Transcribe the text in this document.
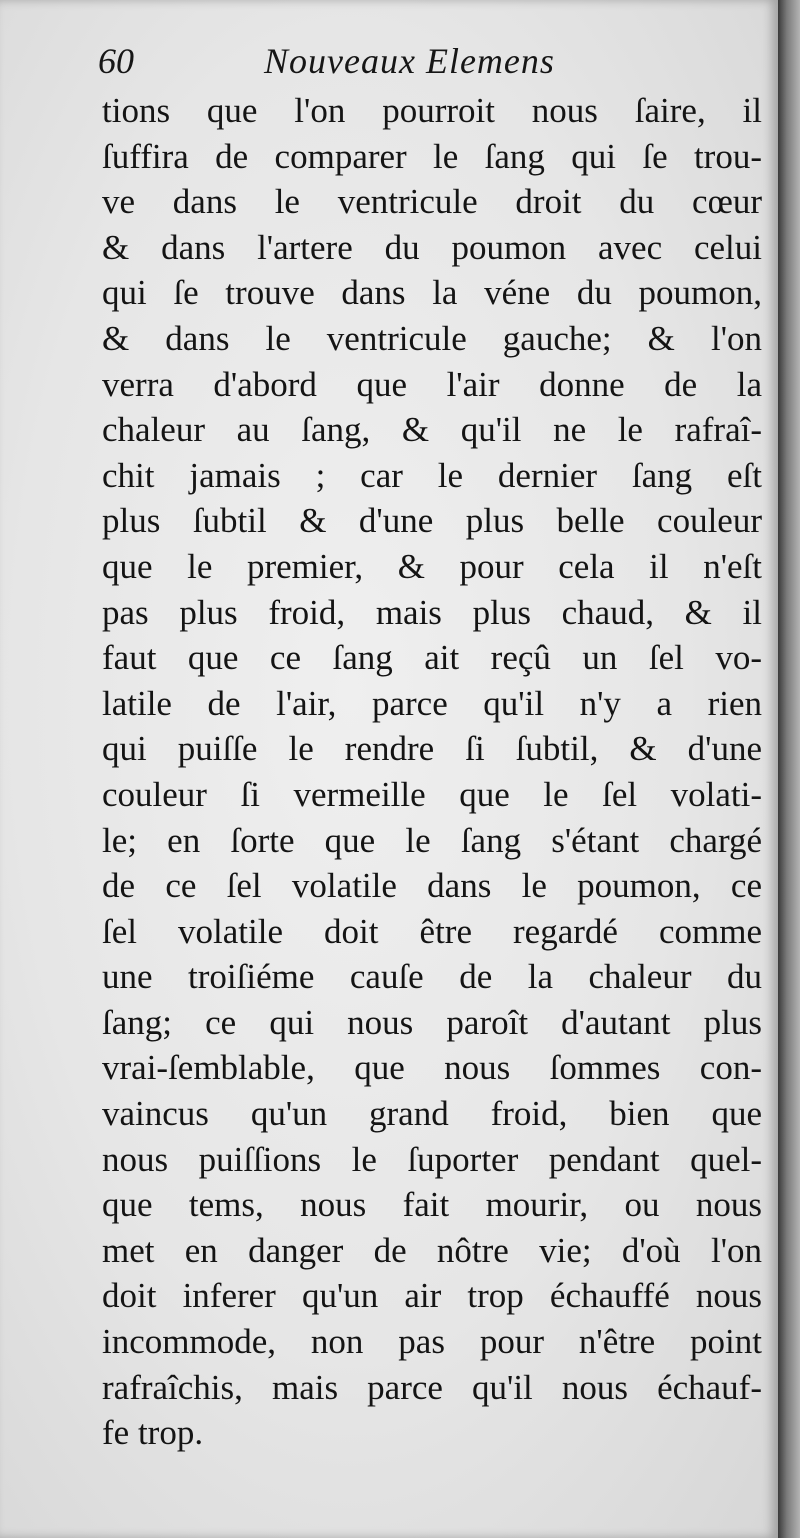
60	Nouveaux Elemens
tions que l'on pourroit nous ſaire, il
ſuffira de comparer le ſang qui ſe trou-
ve dans le ventricule droit du cœur
& dans l'artere du poumon avec celui
qui ſe trouve dans la véne du poumon,
& dans le ventricule gauche; & l'on
verra d'abord que l'air donne de la
chaleur au ſang, & qu'il ne le rafraî-
chit jamais ; car le dernier ſang eſt
plus ſubtil & d'une plus belle couleur
que le premier, & pour cela il n'eſt
pas plus froid, mais plus chaud, & il
faut que ce ſang ait reçû un ſel vo-
latile de l'air, parce qu'il n'y a rien
qui puiſſe le rendre ſi ſubtil, & d'une
couleur ſi vermeille que le ſel volati-
le; en ſorte que le ſang s'étant chargé
de ce ſel volatile dans le poumon, ce
ſel volatile doit être regardé comme
une troiſiéme cauſe de la chaleur du
ſang; ce qui nous paroît d'autant plus
vrai-ſemblable, que nous ſommes con-
vaincus qu'un grand froid, bien que
nous puiſſions le ſuporter pendant quel-
que tems, nous fait mourir, ou nous
met en danger de nôtre vie; d'où l'on
doit inferer qu'un air trop échauffé nous
incommode, non pas pour n'être point
rafraîchis, mais parce qu'il nous échauf-
fe trop.
